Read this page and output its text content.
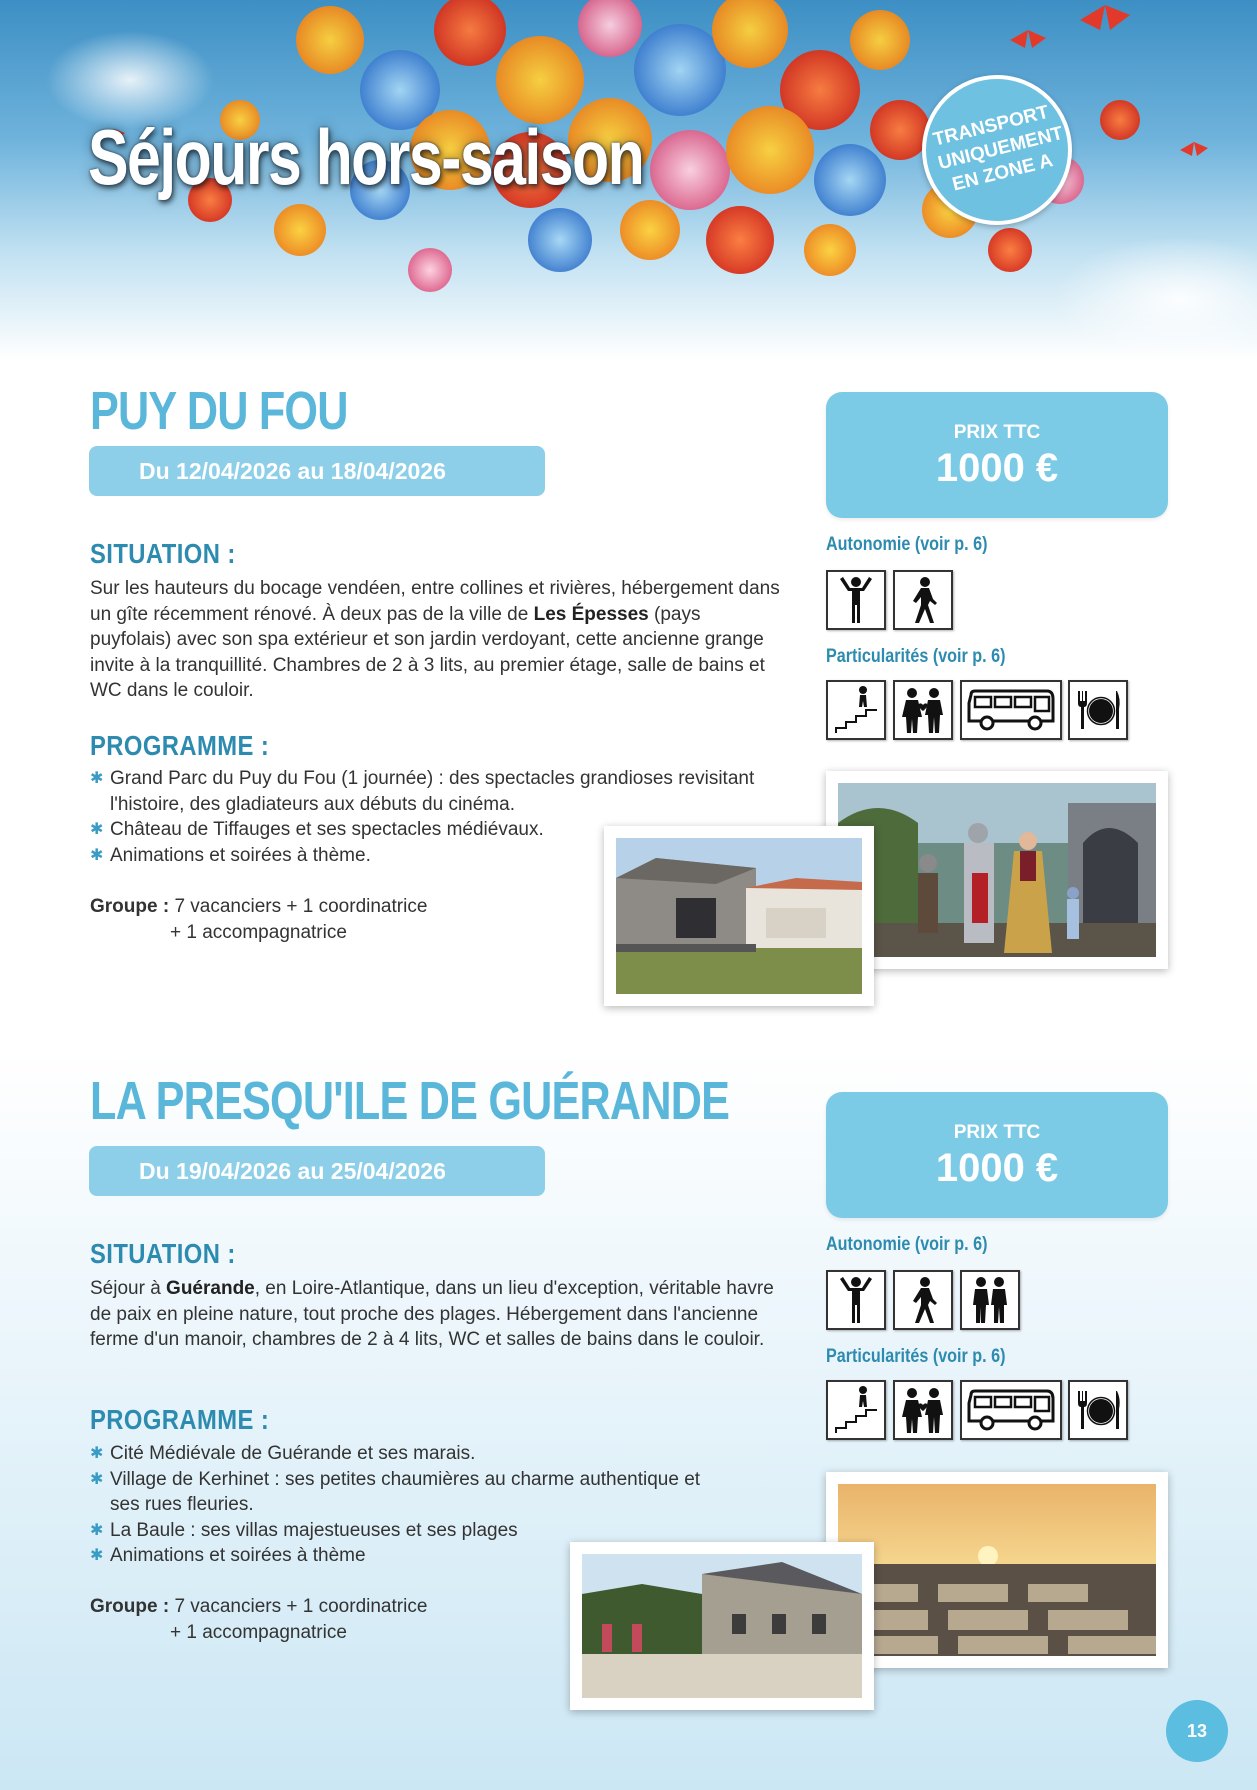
Séjours hors-saison	TRANSPORT UNIQUEMENT EN ZONE A
PUY DU FOU
Du 12/04/2026 au 18/04/2026
SITUATION :
Sur les hauteurs du bocage vendéen, entre collines et rivières, hébergement dans un gîte récemment rénové. À deux pas de la ville de Les Épesses (pays puyfolais) avec son spa extérieur et son jardin verdoyant, cette ancienne grange invite à la tranquillité. Chambres de 2 à 3 lits, au premier étage, salle de bains et WC dans le couloir.
PROGRAMME :
✱ Grand Parc du Puy du Fou (1 journée) : des spectacles grandioses revisitant l'histoire, des gladiateurs aux débuts du cinéma.
✱ Château de Tiffauges et ses spectacles médiévaux.
✱ Animations et soirées à thème.
Groupe : 7 vacanciers + 1 coordinatrice
+ 1 accompagnatrice
PRIX TTC
1000 €
Autonomie (voir p. 6)
Particularités (voir p. 6)
LA PRESQU'ILE DE GUÉRANDE
Du 19/04/2026 au 25/04/2026
SITUATION :
Séjour à Guérande, en Loire-Atlantique, dans un lieu d'exception, véritable havre de paix en pleine nature, tout proche des plages. Hébergement dans l'ancienne ferme d'un manoir, chambres de 2 à 4 lits, WC et salles de bains dans le couloir.
PROGRAMME :
✱ Cité Médiévale de Guérande et ses marais.
✱ Village de Kerhinet : ses petites chaumières au charme authentique et ses rues fleuries.
✱ La Baule : ses villas majestueuses et ses plages
✱ Animations et soirées à thème
Groupe : 7 vacanciers + 1 coordinatrice
+ 1 accompagnatrice
PRIX TTC
1000 €
Autonomie (voir p. 6)
Particularités (voir p. 6)
13
